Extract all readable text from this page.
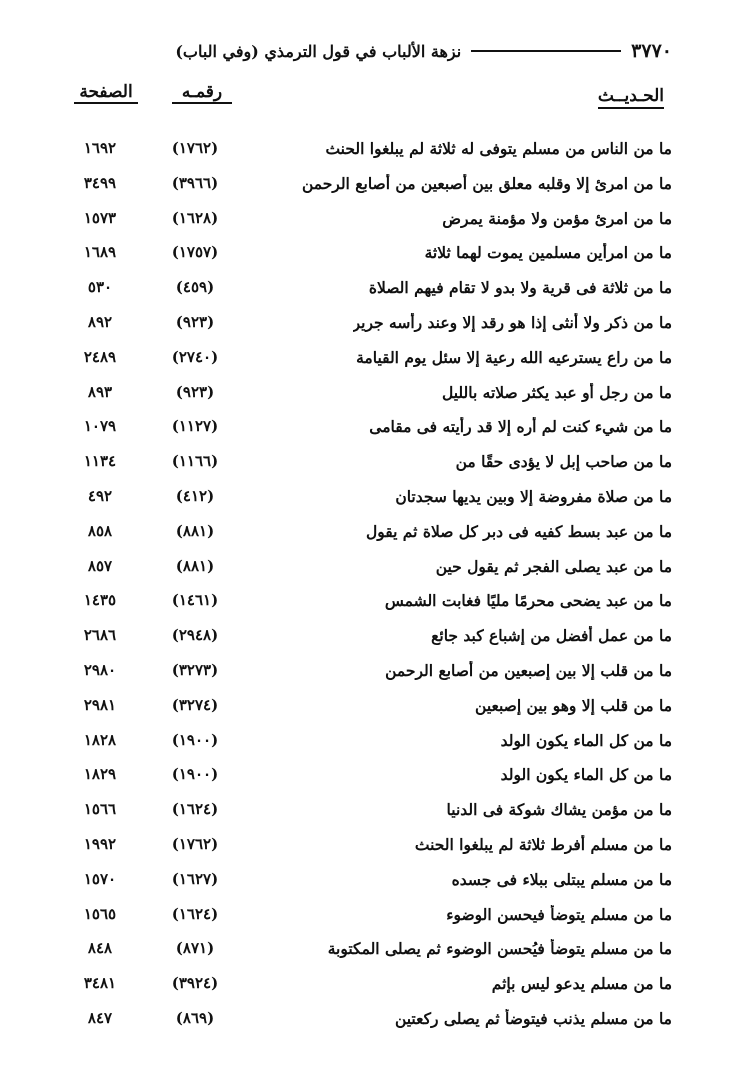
٣٧٧٠
نزهة الألباب في قول الترمذي (وفي الباب)
الحـديــث
رقمـه
الصفحة
ما من الناس من مسلم يتوفى له ثلاثة لم يبلغوا الحنث
(١٧٦٢)
١٦٩٢
ما من امرئ إلا وقلبه معلق بين أصبعين من أصابع الرحمن
(٣٩٦٦)
٣٤٩٩
ما من امرئ مؤمن ولا مؤمنة يمرض
(١٦٢٨)
١٥٧٣
ما من امرأين مسلمين يموت لهما ثلاثة
(١٧٥٧)
١٦٨٩
ما من ثلاثة فى قرية ولا بدو لا تقام فيهم الصلاة
(٤٥٩)
٥٣٠
ما من ذكر ولا أنثى إذا هو رقد إلا وعند رأسه جرير
(٩٢٣)
٨٩٢
ما من راع يسترعيه الله رعية إلا سئل يوم القيامة
(٢٧٤٠)
٢٤٨٩
ما من رجل أو عبد يكثر صلاته بالليل
(٩٢٣)
٨٩٣
ما من شيء كنت لم أره إلا قد رأيته فى مقامى
(١١٢٧)
١٠٧٩
ما من صاحب إبل لا يؤدى حقًا من
(١١٦٦)
١١٣٤
ما من صلاة مفروضة إلا وبين يديها سجدتان
(٤١٢)
٤٩٢
ما من عبد بسط كفيه فى دبر كل صلاة ثم يقول
(٨٨١)
٨٥٨
ما من عبد يصلى الفجر ثم يقول حين
(٨٨١)
٨٥٧
ما من عبد يضحى محرمًا مليًا فغابت الشمس
(١٤٦١)
١٤٣٥
ما من عمل أفضل من إشباع كبد جائع
(٢٩٤٨)
٢٦٨٦
ما من قلب إلا بين إصبعين من أصابع الرحمن
(٣٢٧٣)
٢٩٨٠
ما من قلب إلا وهو بين إصبعين
(٣٢٧٤)
٢٩٨١
ما من كل الماء يكون الولد
(١٩٠٠)
١٨٢٨
ما من كل الماء يكون الولد
(١٩٠٠)
١٨٢٩
ما من مؤمن يشاك شوكة فى الدنيا
(١٦٢٤)
١٥٦٦
ما من مسلم أفرط ثلاثة لم يبلغوا الحنث
(١٧٦٢)
١٩٩٢
ما من مسلم يبتلى ببلاء فى جسده
(١٦٢٧)
١٥٧٠
ما من مسلم يتوضأ فيحسن الوضوء
(١٦٢٤)
١٥٦٥
ما من مسلم يتوضأ فيُحسن الوضوء ثم يصلى المكتوبة
(٨٧١)
٨٤٨
ما من مسلم يدعو ليس بإثم
(٣٩٢٤)
٣٤٨١
ما من مسلم يذنب فيتوضأ ثم يصلى ركعتين
(٨٦٩)
٨٤٧
